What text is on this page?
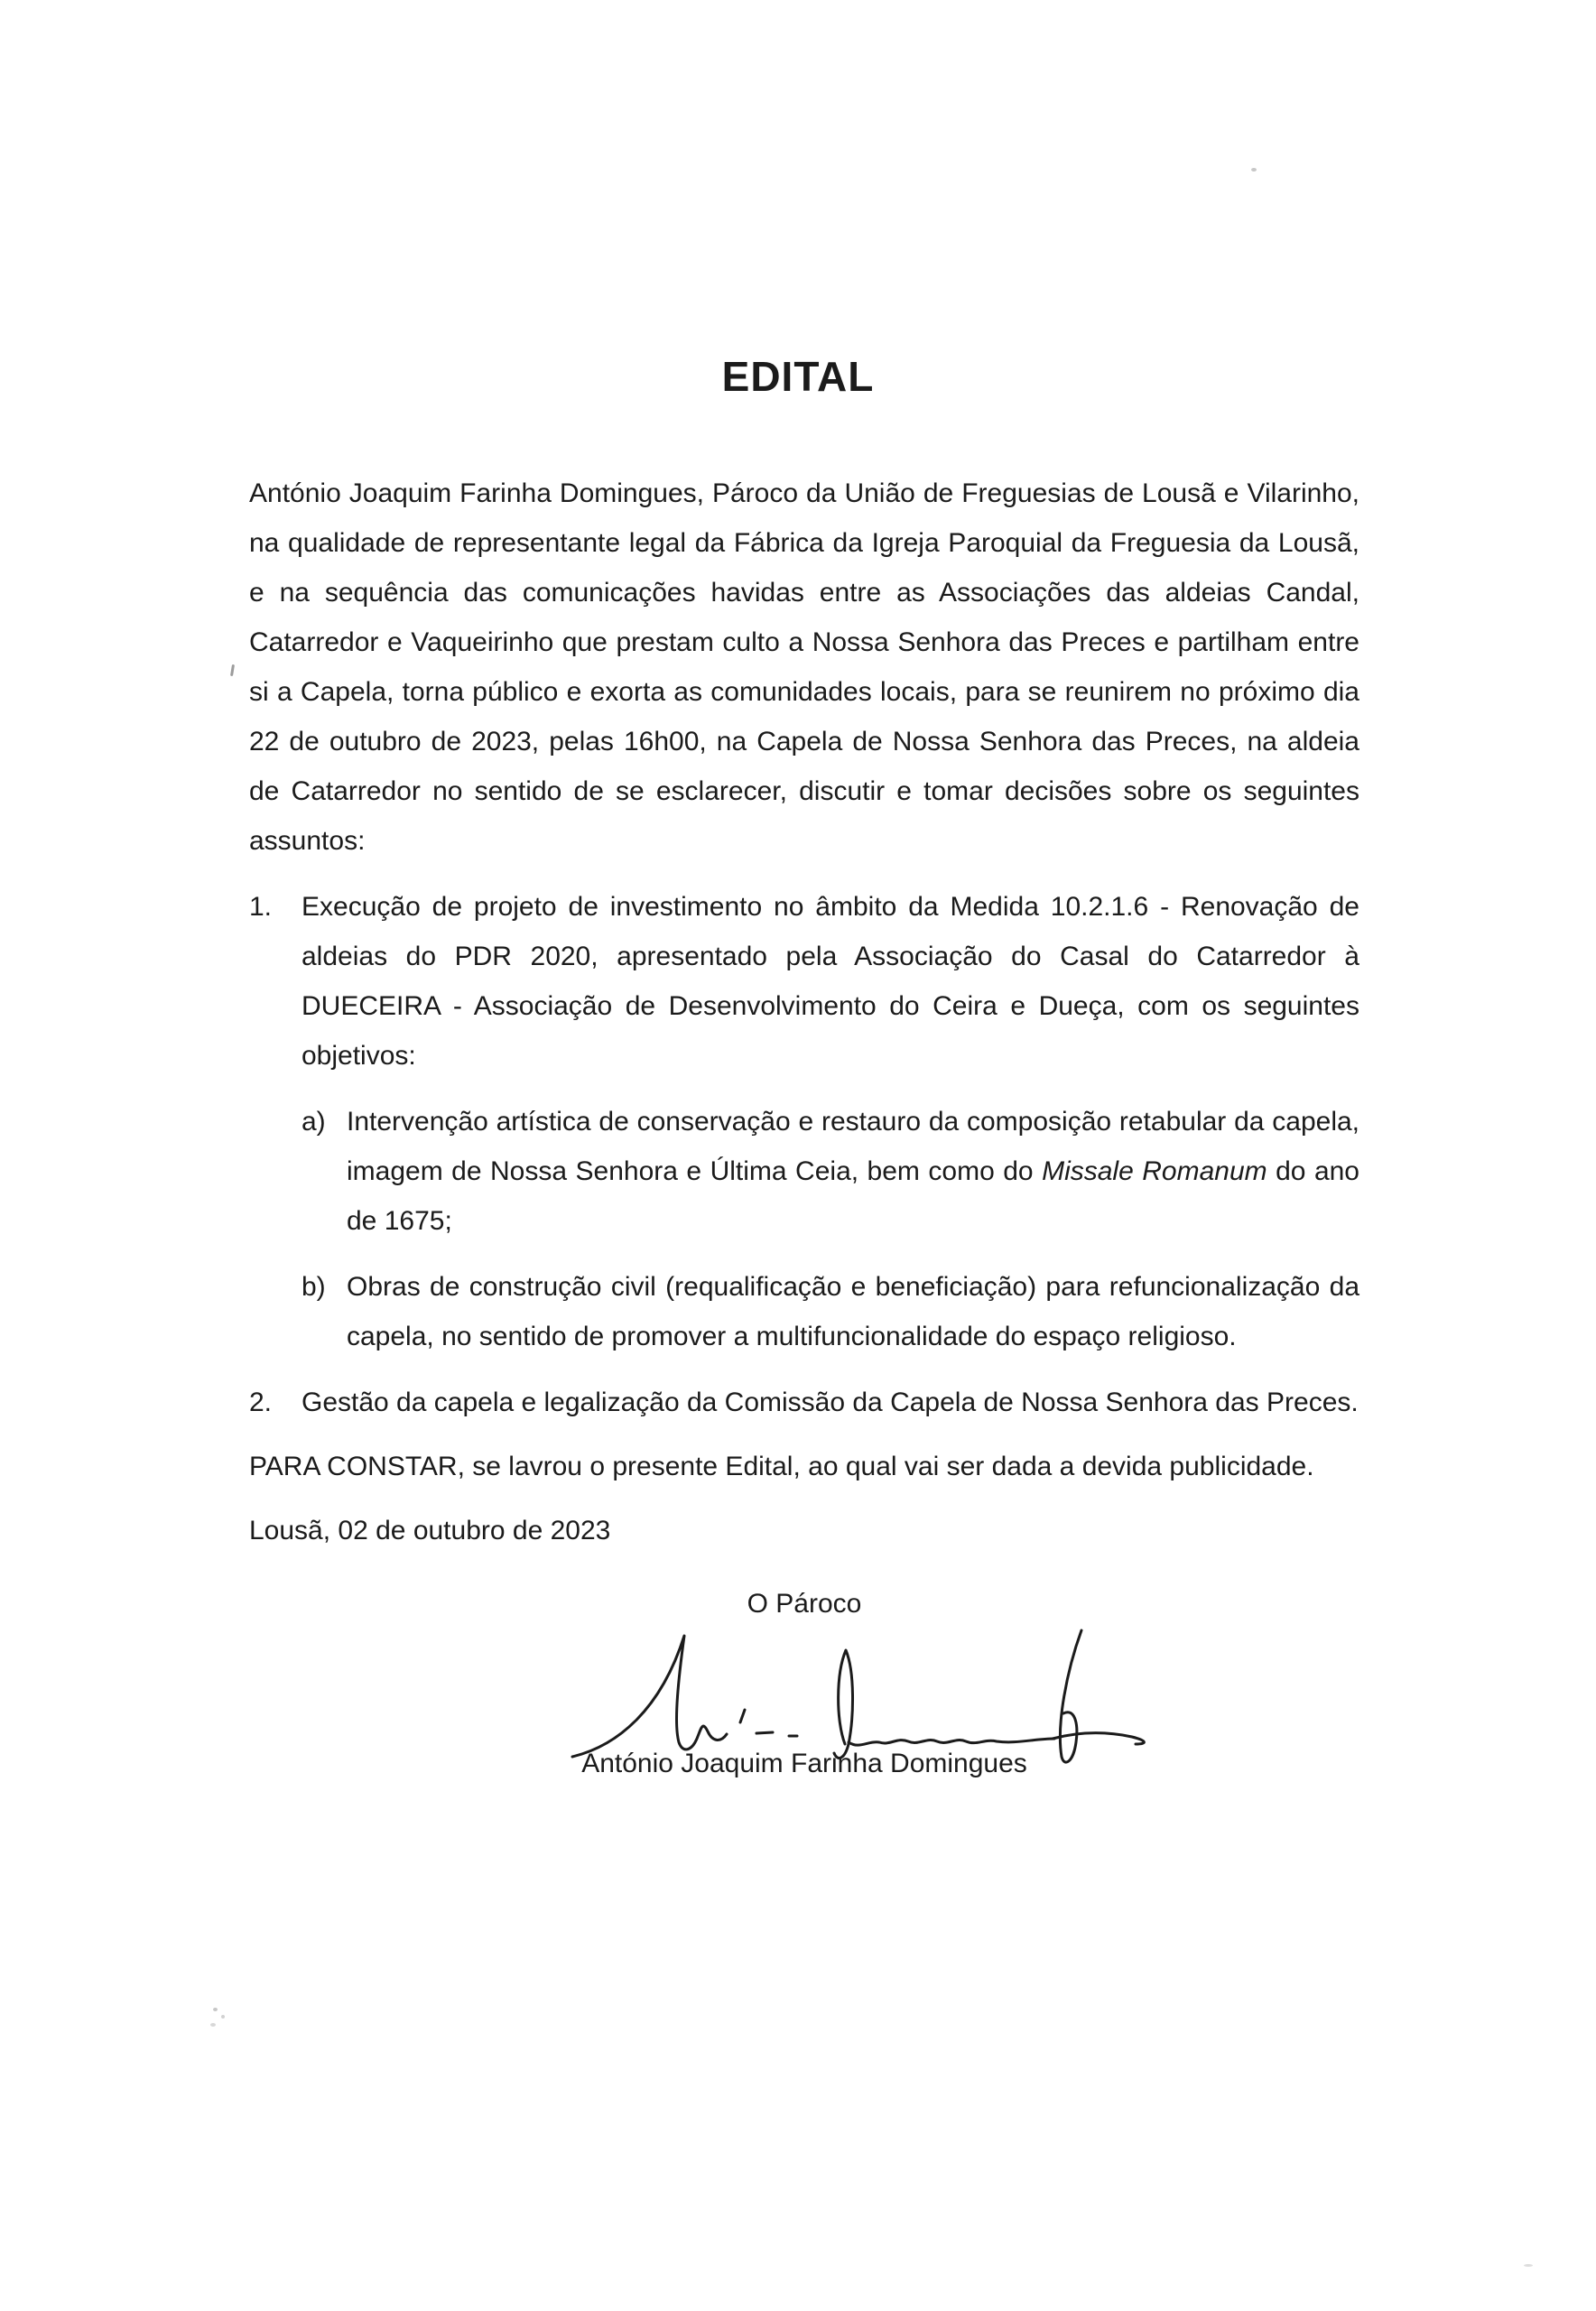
EDITAL

António Joaquim Farinha Domingues, Pároco da União de Freguesias de Lousã e Vilarinho, na qualidade de representante legal da Fábrica da Igreja Paroquial da Freguesia da Lousã, e na sequência das comunicações havidas entre as Associações das aldeias Candal, Catarredor e Vaqueirinho que prestam culto a Nossa Senhora das Preces e partilham entre si a Capela, torna público e exorta as comunidades locais, para se reunirem no próximo dia 22 de outubro de 2023, pelas 16h00, na Capela de Nossa Senhora das Preces, na aldeia de Catarredor no sentido de se esclarecer, discutir e tomar decisões sobre os seguintes assuntos:

1. Execução de projeto de investimento no âmbito da Medida 10.2.1.6 - Renovação de aldeias do PDR 2020, apresentado pela Associação do Casal do Catarredor à DUECEIRA - Associação de Desenvolvimento do Ceira e Dueça, com os seguintes objetivos:
a) Intervenção artística de conservação e restauro da composição retabular da capela, imagem de Nossa Senhora e Última Ceia, bem como do Missale Romanum do ano de 1675;
b) Obras de construção civil (requalificação e beneficiação) para refuncionalização da capela, no sentido de promover a multifuncionalidade do espaço religioso.
2. Gestão da capela e legalização da Comissão da Capela de Nossa Senhora das Preces.

PARA CONSTAR, se lavrou o presente Edital, ao qual vai ser dada a devida publicidade.

Lousã, 02 de outubro de 2023

O Pároco
António Joaquim Farinha Domingues
